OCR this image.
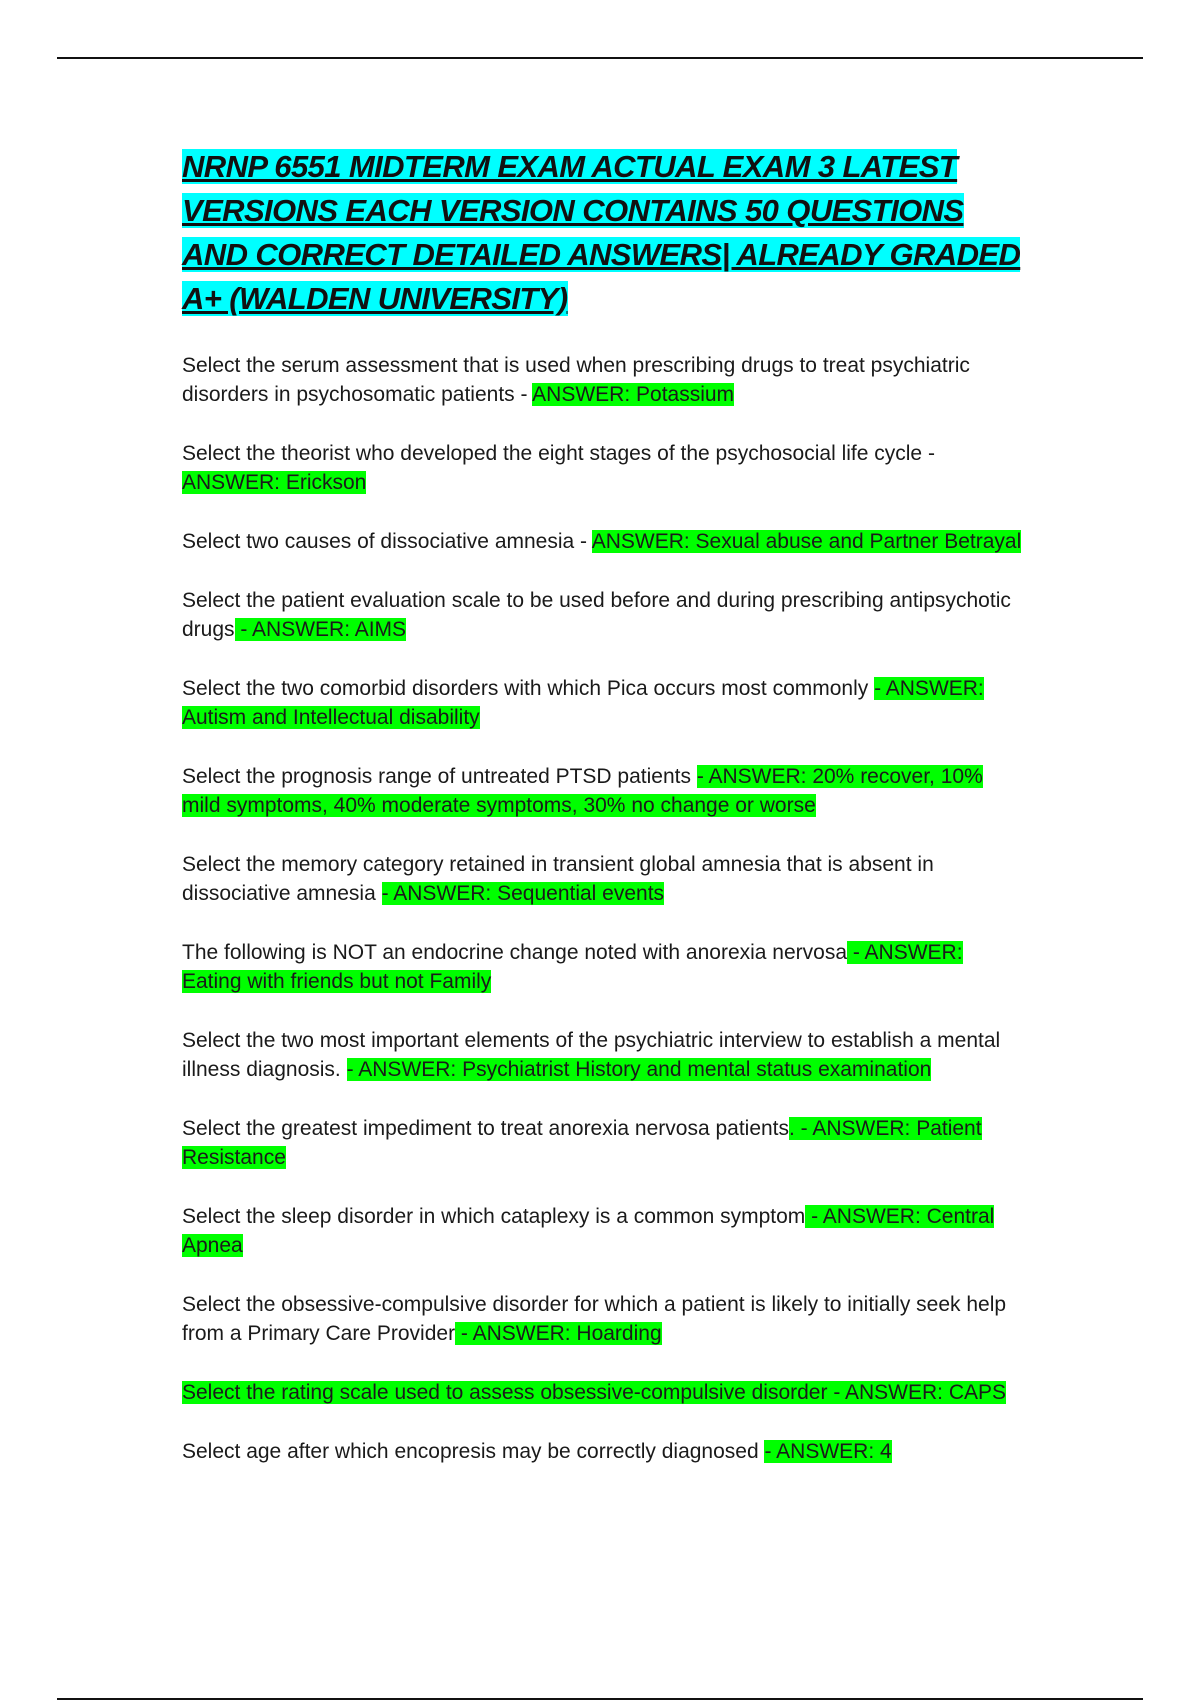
NRNP 6551 MIDTERM EXAM ACTUAL EXAM 3 LATEST VERSIONS EACH VERSION CONTAINS 50 QUESTIONS AND CORRECT DETAILED ANSWERS| ALREADY GRADED A+ (WALDEN UNIVERSITY)

Select the serum assessment that is used when prescribing drugs to treat psychiatric disorders in psychosomatic patients - ANSWER: Potassium

Select the theorist who developed the eight stages of the psychosocial life cycle - ANSWER: Erickson

Select two causes of dissociative amnesia - ANSWER: Sexual abuse and Partner Betrayal

Select the patient evaluation scale to be used before and during prescribing antipsychotic drugs - ANSWER: AIMS

Select the two comorbid disorders with which Pica occurs most commonly - ANSWER: Autism and Intellectual disability

Select the prognosis range of untreated PTSD patients - ANSWER: 20% recover, 10% mild symptoms, 40% moderate symptoms, 30% no change or worse

Select the memory category retained in transient global amnesia that is absent in dissociative amnesia - ANSWER: Sequential events

The following is NOT an endocrine change noted with anorexia nervosa - ANSWER: Eating with friends but not Family

Select the two most important elements of the psychiatric interview to establish a mental illness diagnosis. - ANSWER: Psychiatrist History and mental status examination

Select the greatest impediment to treat anorexia nervosa patients. - ANSWER: Patient Resistance

Select the sleep disorder in which cataplexy is a common symptom - ANSWER: Central Apnea

Select the obsessive-compulsive disorder for which a patient is likely to initially seek help from a Primary Care Provider - ANSWER: Hoarding

Select the rating scale used to assess obsessive-compulsive disorder - ANSWER: CAPS

Select age after which encopresis may be correctly diagnosed - ANSWER: 4
